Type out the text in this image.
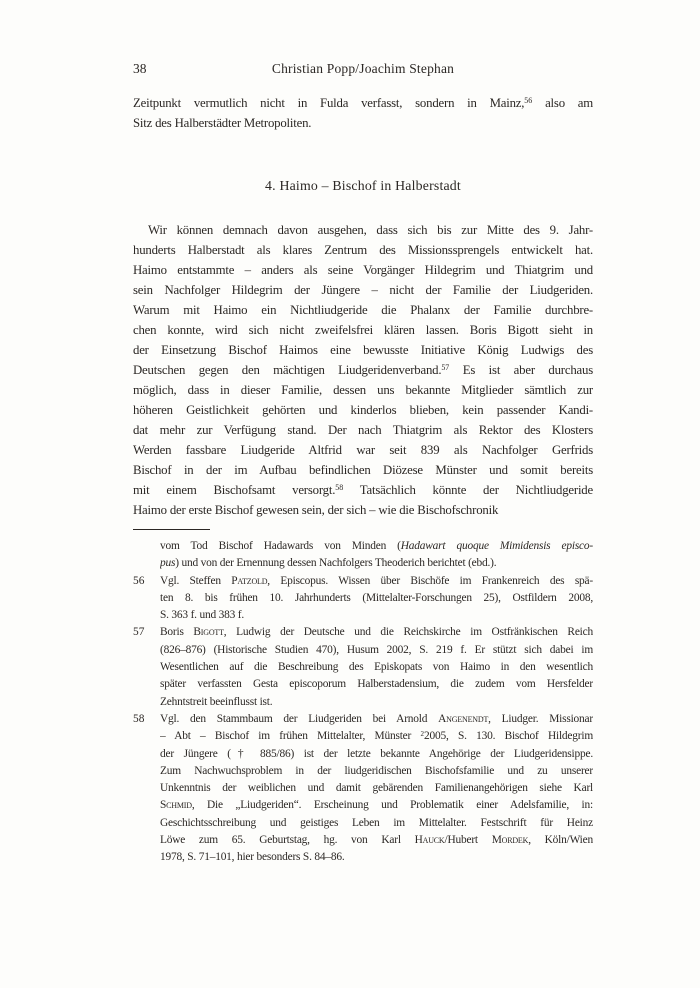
38	Christian Popp/Joachim Stephan
Zeitpunkt vermutlich nicht in Fulda verfasst, sondern in Mainz,$^{56}$ also am
Sitz des Halberstädter Metropoliten.
4. Haimo – Bischof in Halberstadt
Wir können demnach davon ausgehen, dass sich bis zur Mitte des 9. Jahr-
hunderts Halberstadt als klares Zentrum des Missionssprengels entwickelt hat.
Haimo entstammte – anders als seine Vorgänger Hildegrim und Thiatgrim und
sein Nachfolger Hildegrim der Jüngere – nicht der Familie der Liudgeriden.
Warum mit Haimo ein Nichtliudgeride die Phalanx der Familie durchbre-
chen konnte, wird sich nicht zweifelsfrei klären lassen. Boris Bigott sieht in
der Einsetzung Bischof Haimos eine bewusste Initiative König Ludwigs des
Deutschen gegen den mächtigen Liudgeridenverband.$^{57}$ Es ist aber durchaus
möglich, dass in dieser Familie, dessen uns bekannte Mitglieder sämtlich zur
höheren Geistlichkeit gehörten und kinderlos blieben, kein passender Kandi-
dat mehr zur Verfügung stand. Der nach Thiatgrim als Rektor des Klosters
Werden fassbare Liudgeride Altfrid war seit 839 als Nachfolger Gerfrids
Bischof in der im Aufbau befindlichen Diözese Münster und somit bereits
mit einem Bischofsamt versorgt.$^{58}$ Tatsächlich könnte der Nichtliudgeride
Haimo der erste Bischof gewesen sein, der sich – wie die Bischofschronik
vom Tod Bischof Hadawards von Minden (Hadawart quoque Mimidensis episco-
pus) und von der Ernennung dessen Nachfolgers Theoderich berichtet (ebd.).
56 Vgl. Steffen Patzold, Episcopus. Wissen über Bischöfe im Frankenreich des spä-
ten 8. bis frühen 10. Jahrhunderts (Mittelalter-Forschungen 25), Ostfildern 2008,
S. 363 f. und 383 f.
57 Boris Bigott, Ludwig der Deutsche und die Reichskirche im Ostfränkischen Reich
(826–876) (Historische Studien 470), Husum 2002, S. 219 f. Er stützt sich dabei im
Wesentlichen auf die Beschreibung des Episkopats von Haimo in den wesentlich
später verfassten Gesta episcoporum Halberstadensium, die zudem vom Hersfelder
Zehntstreit beeinflusst ist.
58 Vgl. den Stammbaum der Liudgeriden bei Arnold Angenendt, Liudger. Missionar
– Abt – Bischof im frühen Mittelalter, Münster $^2$2005, S. 130. Bischof Hildegrim
der Jüngere († 885/86) ist der letzte bekannte Angehörige der Liudgeridensippe.
Zum Nachwuchsproblem in der liudgeridischen Bischofsfamilie und zu unserer
Unkenntnis der weiblichen und damit gebärenden Familienangehörigen siehe Karl
Schmid, Die „Liudgeriden“. Erscheinung und Problematik einer Adelsfamilie, in:
Geschichtsschreibung und geistiges Leben im Mittelalter. Festschrift für Heinz
Löwe zum 65. Geburtstag, hg. von Karl Hauck/Hubert Mordek, Köln/Wien
1978, S. 71–101, hier besonders S. 84–86.
